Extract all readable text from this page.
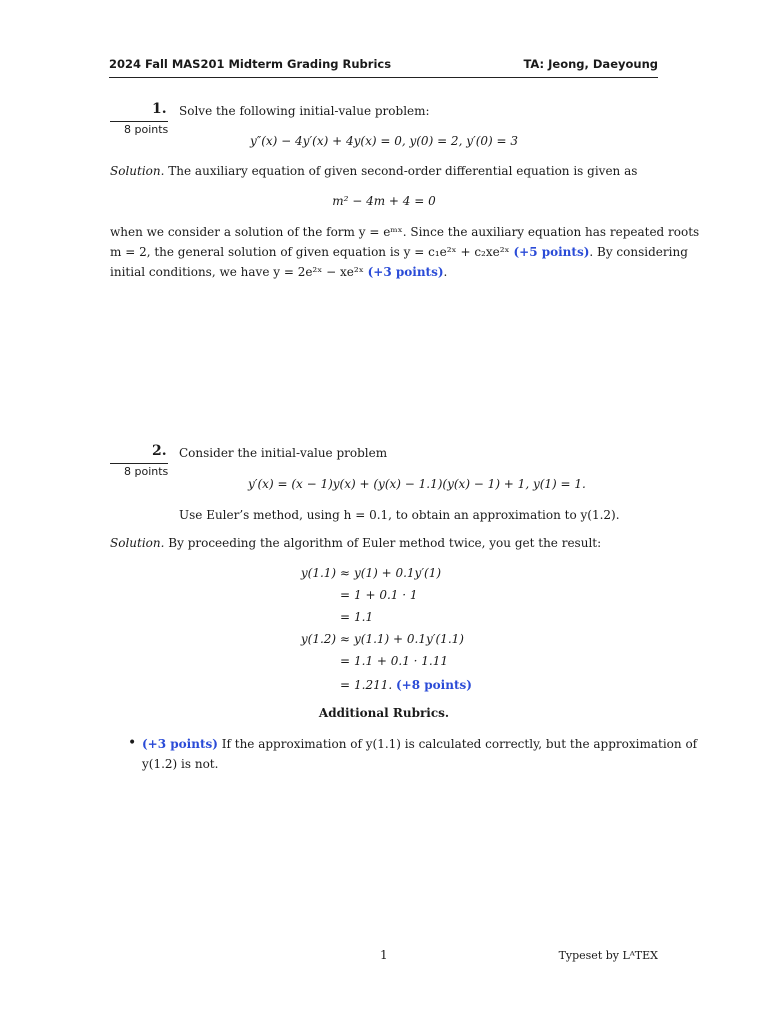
2024 Fall MAS201 Midterm Grading Rubrics	TA: Jeong, Daeyoung
1.
8 points
Solve the following initial-value problem:
y″(x) − 4y′(x) + 4y(x) = 0, y(0) = 2, y′(0) = 3
Solution. The auxiliary equation of given second-order differential equation is given as
m² − 4m + 4 = 0
when we consider a solution of the form y = eᵐˣ. Since the auxiliary equation has repeated roots
m = 2, the general solution of given equation is y = c₁e²ˣ + c₂xe²ˣ (+5 points). By considering
initial conditions, we have y = 2e²ˣ − xe²ˣ (+3 points).
2.
8 points
Consider the initial-value problem
y′(x) = (x − 1)y(x) + (y(x) − 1.1)(y(x) − 1) + 1, y(1) = 1.
Use Euler’s method, using h = 0.1, to obtain an approximation to y(1.2).
Solution. By proceeding the algorithm of Euler method twice, you get the result:
y(1.1) ≈ y(1) + 0.1y′(1)
= 1 + 0.1 · 1
= 1.1
y(1.2) ≈ y(1.1) + 0.1y′(1.1)
= 1.1 + 0.1 · 1.11
= 1.211. (+8 points)
Additional Rubrics.
• (+3 points) If the approximation of y(1.1) is calculated correctly, but the approximation of
y(1.2) is not.
1	Typeset by LᴬTEX
